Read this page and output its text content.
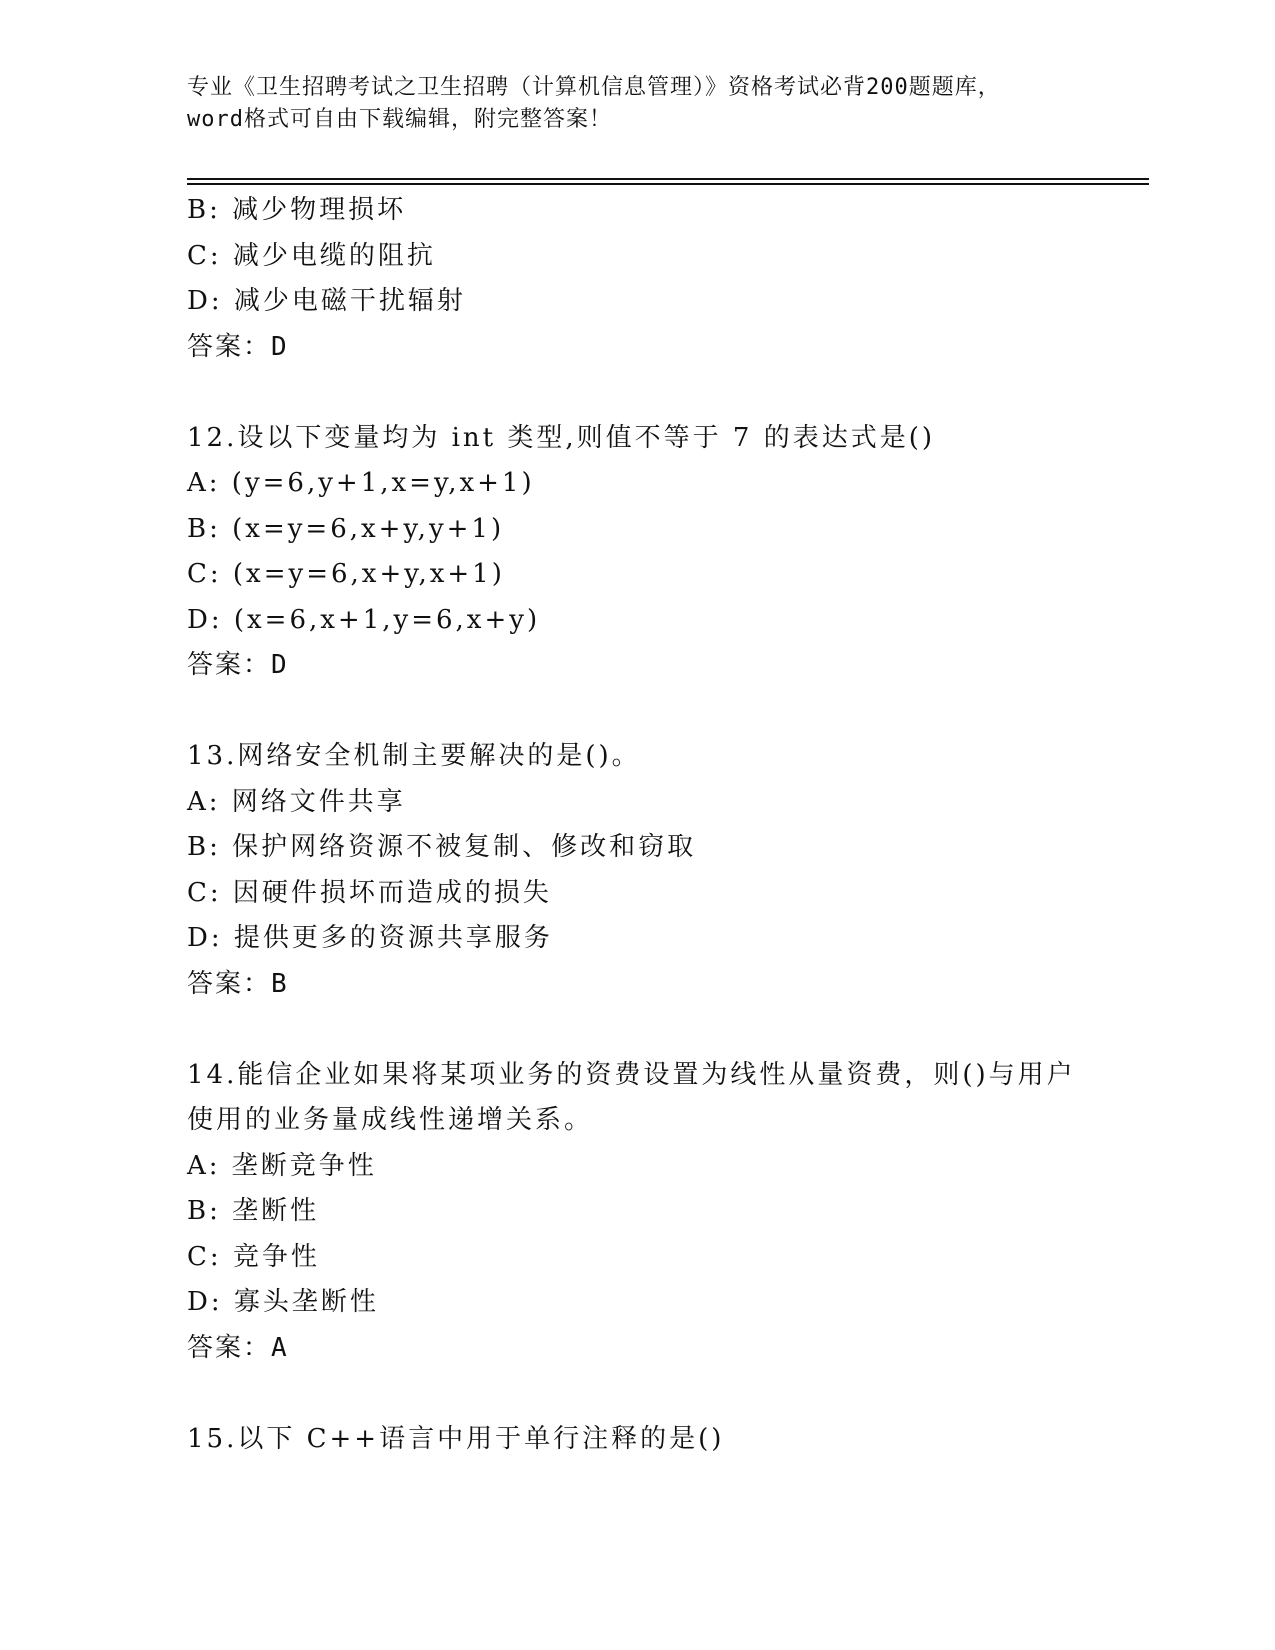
专业《卫生招聘考试之卫生招聘（计算机信息管理）》资格考试必背200题题库，
word格式可自由下载编辑，附完整答案！
B: 减少物理损坏
C: 减少电缆的阻抗
D: 减少电磁干扰辐射
答案：D
12.设以下变量均为 int 类型,则值不等于 7 的表达式是()
A: (y=6,y+1,x=y,x+1)
B: (x=y=6,x+y,y+1)
C: (x=y=6,x+y,x+1)
D: (x=6,x+1,y=6,x+y)
答案：D
13.网络安全机制主要解决的是()。
A: 网络文件共享
B: 保护网络资源不被复制、修改和窃取
C: 因硬件损坏而造成的损失
D: 提供更多的资源共享服务
答案：B
14.能信企业如果将某项业务的资费设置为线性从量资费，则()与用户
使用的业务量成线性递增关系。
A: 垄断竞争性
B: 垄断性
C: 竞争性
D: 寡头垄断性
答案：A
15.以下 C++语言中用于单行注释的是()
